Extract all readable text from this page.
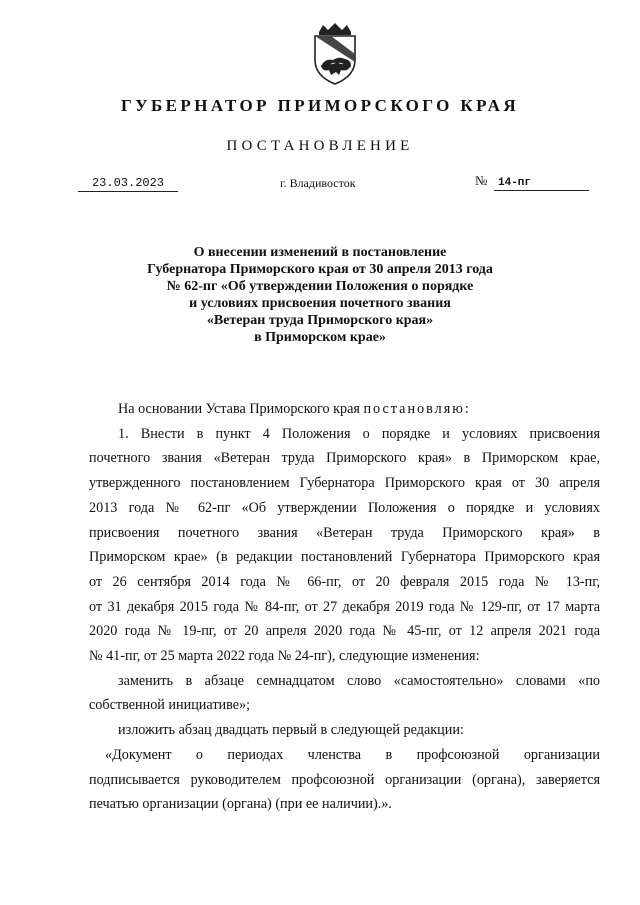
ГУБЕРНАТОР ПРИМОРСКОГО КРАЯ
ПОСТАНОВЛЕНИЕ
23.03.2023	г. Владивосток	№ 14-пг
О внесении изменений в постановление
Губернатора Приморского края от 30 апреля 2013 года
№ 62-пг «Об утверждении Положения о порядке
и условиях присвоения почетного звания
«Ветеран труда Приморского края»
в Приморском крае»
На основании Устава Приморского края постановляю:
1. Внести в пункт 4 Положения о порядке и условиях присвоения
почетного звания «Ветеран труда Приморского края» в Приморском крае,
утвержденного постановлением Губернатора Приморского края от 30 апреля
2013 года № 62-пг «Об утверждении Положения о порядке и условиях
присвоения почетного звания «Ветеран труда Приморского края» в
Приморском крае» (в редакции постановлений Губернатора Приморского края
от 26 сентября 2014 года № 66-пг, от 20 февраля 2015 года № 13-пг,
от 31 декабря 2015 года № 84-пг, от 27 декабря 2019 года № 129-пг, от 17 марта
2020 года № 19-пг, от 20 апреля 2020 года № 45-пг, от 12 апреля 2021 года
№ 41-пг, от 25 марта 2022 года № 24-пг), следующие изменения:
заменить в абзаце семнадцатом слово «самостоятельно» словами «по
собственной инициативе»;
изложить абзац двадцать первый в следующей редакции:
«Документ о периодах членства в профсоюзной организации
подписывается руководителем профсоюзной организации (органа), заверяется
печатью организации (органа) (при ее наличии).».
